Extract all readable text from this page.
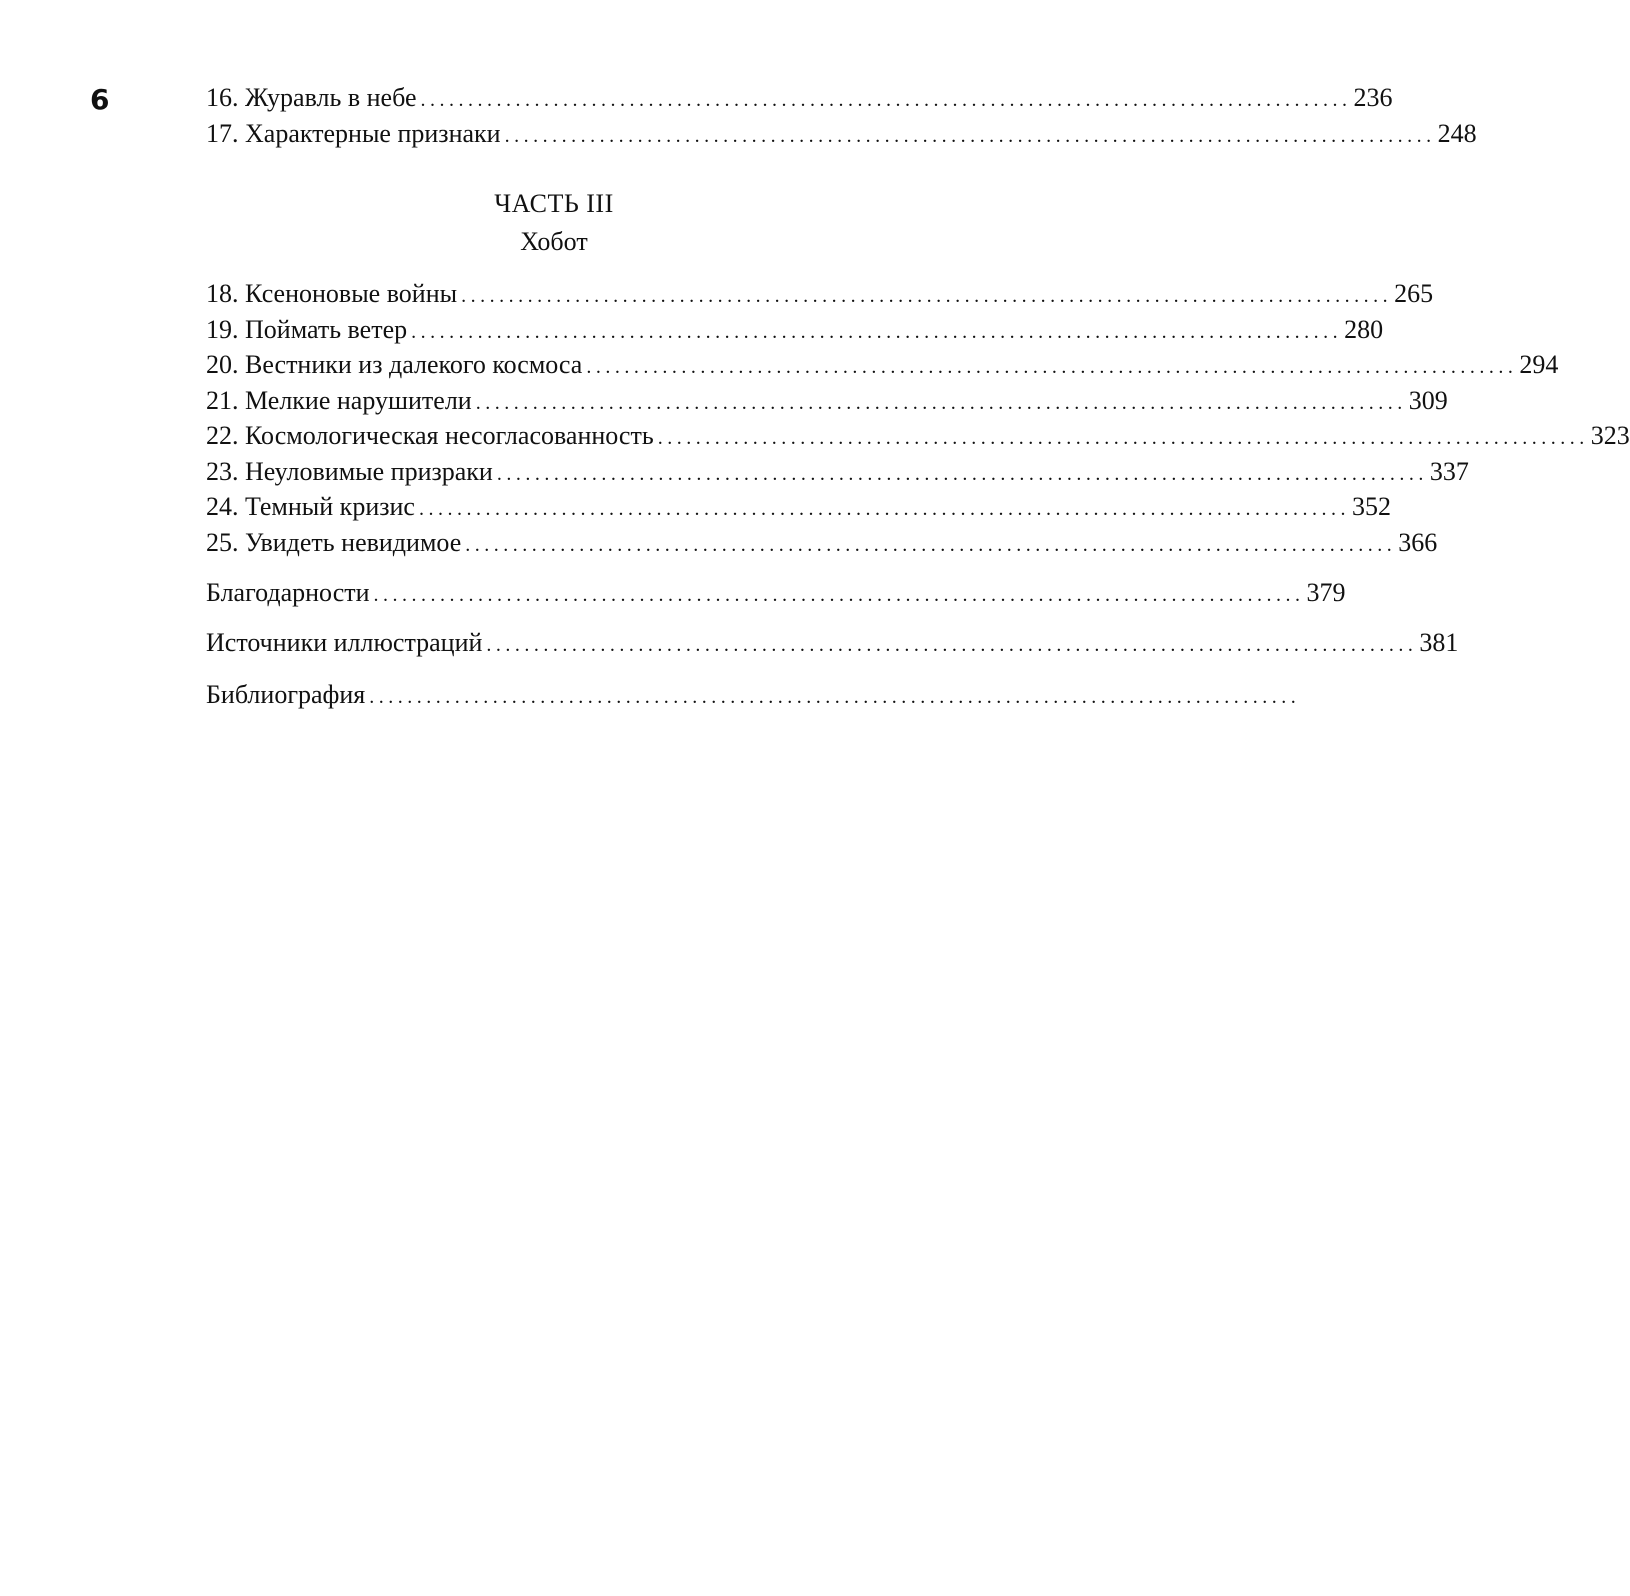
6	16. Журавль в небе .................................................................................................. 236
17. Характерные признаки .................................................................................................. 248
ЧАСТЬ III
Хобот
18. Ксеноновые войны .................................................................................................. 265
19. Поймать ветер .................................................................................................. 280
20. Вестники из далекого космоса .................................................................................................. 294
21. Мелкие нарушители .................................................................................................. 309
22. Космологическая несогласованность .................................................................................................. 323
23. Неуловимые призраки .................................................................................................. 337
24. Темный кризис .................................................................................................. 352
25. Увидеть невидимое .................................................................................................. 366
Благодарности .................................................................................................. 379
Источники иллюстраций .................................................................................................. 381
Библиография ..................................................................................................
